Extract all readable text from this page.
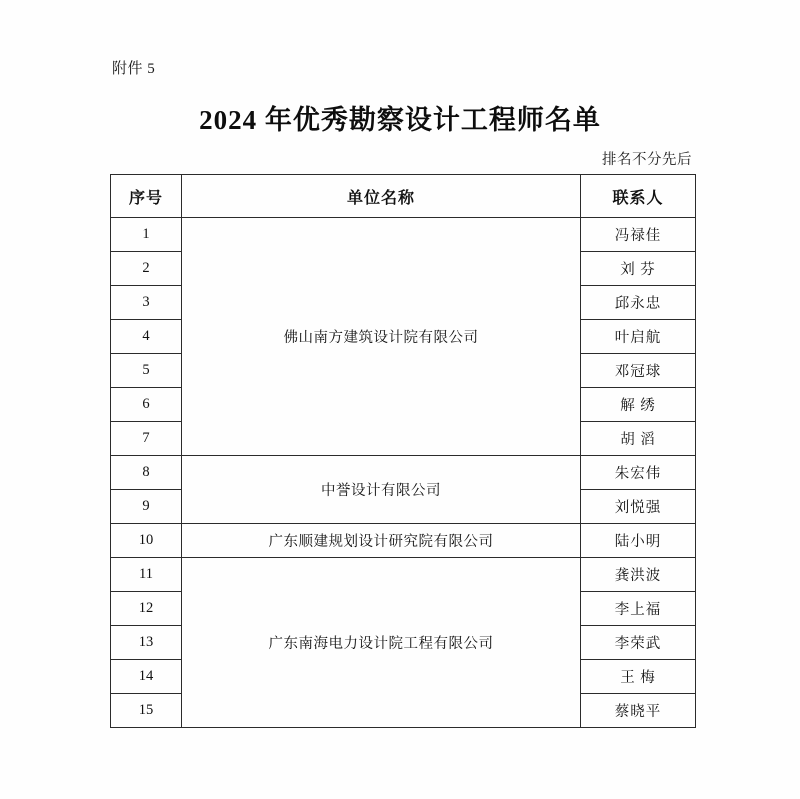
附件 5
2024 年优秀勘察设计工程师名单
排名不分先后
序号	单位名称	联系人
1	佛山南方建筑设计院有限公司	冯禄佳
2		刘 芬
3		邱永忠
4		叶启航
5		邓冠球
6		解 绣
7		胡 滔
8	中誉设计有限公司	朱宏伟
9		刘悦强
10	广东顺建规划设计研究院有限公司	陆小明
11	广东南海电力设计院工程有限公司	龚洪波
12		李上福
13		李荣武
14		王 梅
15		蔡晓平
